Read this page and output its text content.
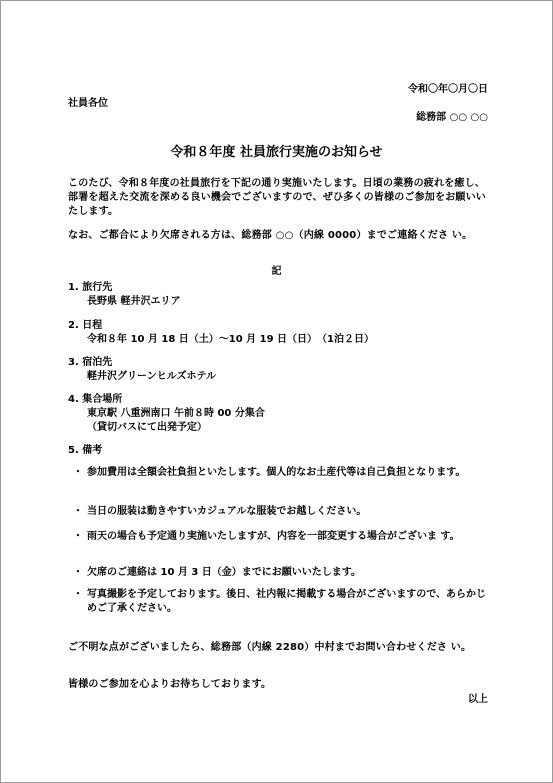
令和〇年〇月〇日
社員各位
総務部 ○○ ○○
令和８年度 社員旅行実施のお知らせ
このたび、令和８年度の社員旅行を下記の通り実施いたします。日頃の業務の疲れを癒し、部署を超えた交流を深める良い機会でございますので、ぜひ多くの皆様のご参加をお願いいたします。
なお、ご都合により欠席される方は、総務部 ○○（内線 0000）までご連絡くださ い。
記
1. 旅行先
長野県 軽井沢エリア
2. 日程
令和８年 10 月 18 日（土）～10 月 19 日（日）　（1泊２日）
3. 宿泊先
軽井沢グリーンヒルズホテル
4. 集合場所
東京駅 八重洲南口 午前８時 00 分集合
（貸切バスにて出発予定）
5. 備考
・ 参加費用は全額会社負担といたします。個人的なお土産代等は自己負担となります。
・ 当日の服装は動きやすいカジュアルな服装でお越しください。
・ 雨天の場合も予定通り実施いたしますが、内容を一部変更する場合がございま す。
・ 欠席のご連絡は 10 月 3 日（金）までにお願いいたします。
・ 写真撮影を予定しております。後日、社内報に掲載する場合がございますので、あらかじめご了承ください。
ご不明な点がございましたら、総務部（内線 2280）中村までお問い合わせくださ い。
皆様のご参加を心よりお待ちしております。
以上
